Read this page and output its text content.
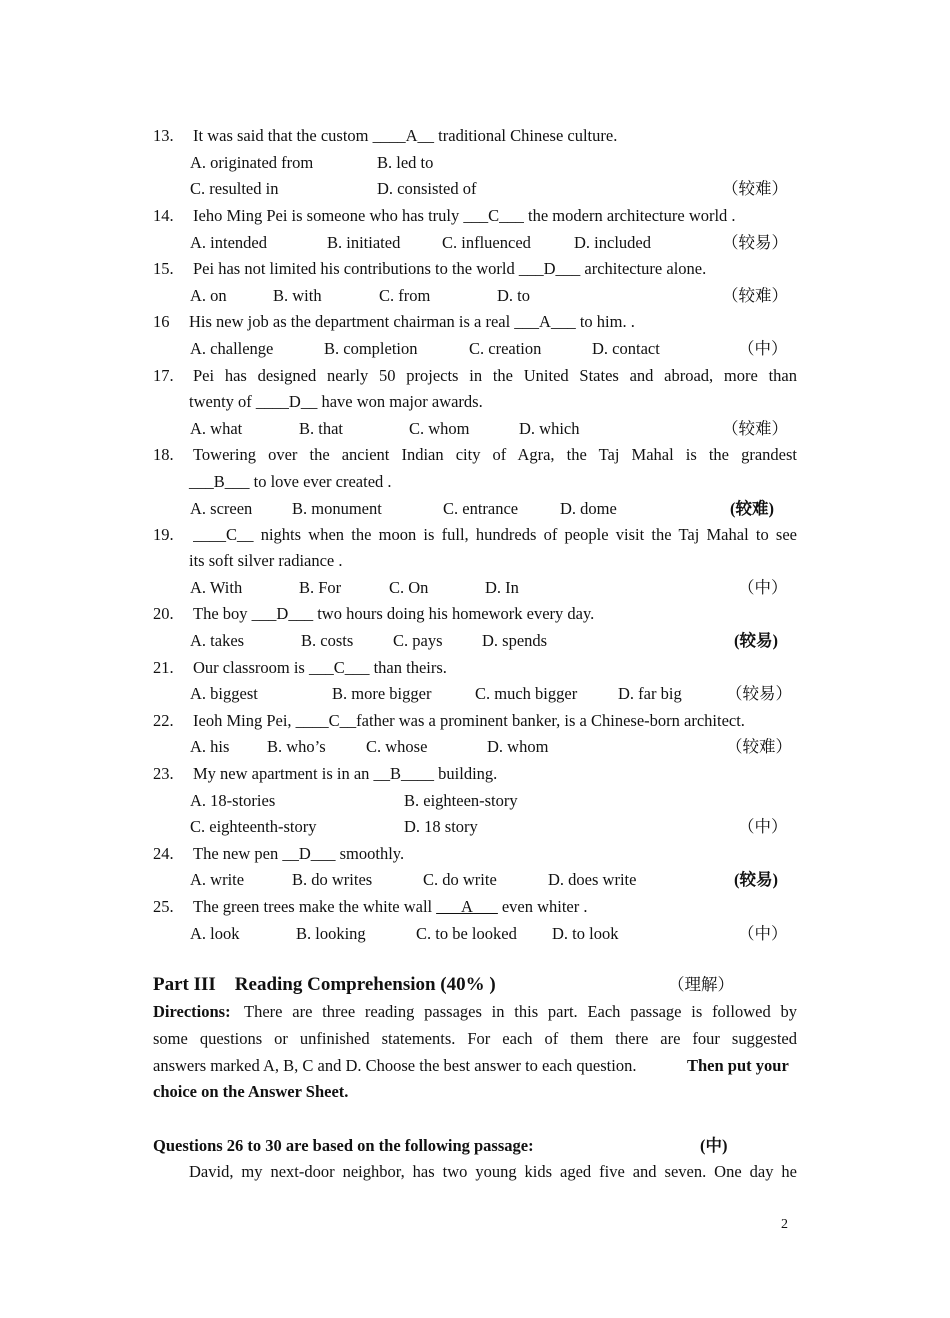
13. It was said that the custom ____A__ traditional Chinese culture.
A. originated from	B. led to
C. resulted in	D. consisted of	（较难）
14. Ieho Ming Pei is someone who has truly ___C___ the modern architecture world .
A. intended	B. initiated	C. influenced	D. included	（较易）
15. Pei has not limited his contributions to the world ___D___ architecture alone.
A. on	B. with	C. from	D. to	（较难）
16 His new job as the department chairman is a real ___A___ to him. .
A. challenge	B. completion	C. creation	D. contact	（中）
17. Pei has designed nearly 50 projects in the United States and abroad, more than
twenty of ____D__ have won major awards.
A. what	B. that	C. whom	D. which	（较难）
18. Towering over the ancient Indian city of Agra, the Taj Mahal is the grandest
___B___ to love ever created .
A. screen B. monument	C. entrance	D. dome	(较难)
19. ____C__ nights when the moon is full, hundreds of people visit the Taj Mahal to see
its soft silver radiance .
A. With	B. For	C. On	D. In	（中）
20. The boy ___D___ two hours doing his homework every day.
A. takes	B. costs C. pays D. spends	(较易)
21. Our classroom is ___C___ than theirs.
A. biggest	B. more bigger	C. much bigger D. far big	（较易）
22. Ieoh Ming Pei, ____C__father was a prominent banker, is a Chinese-born architect.
A. his B. who’s C. whose	D. whom	（较难）
23. My new apartment is in an __B____ building.
A. 18-stories	B. eighteen-story
C. eighteenth-story	D. 18 story	（中）
24. The new pen __D___ smoothly.
A. write	B. do writes	C. do write	D. does write	(较易)
25. The green trees make the white wall ___A___ even whiter .
A. look	B. looking	C. to be looked D. to look	（中）
Part III    Reading Comprehension (40% )	（理解）
Directions: There are three reading passages in this part. Each passage is followed by
some questions or unfinished statements. For each of them there are four suggested
answers marked A, B, C and D. Choose the best answer to each question.	Then put your
choice on the Answer Sheet.
Questions 26 to 30 are based on the following passage:	(中)
David, my next-door neighbor, has two young kids aged five and seven. One day he
2
